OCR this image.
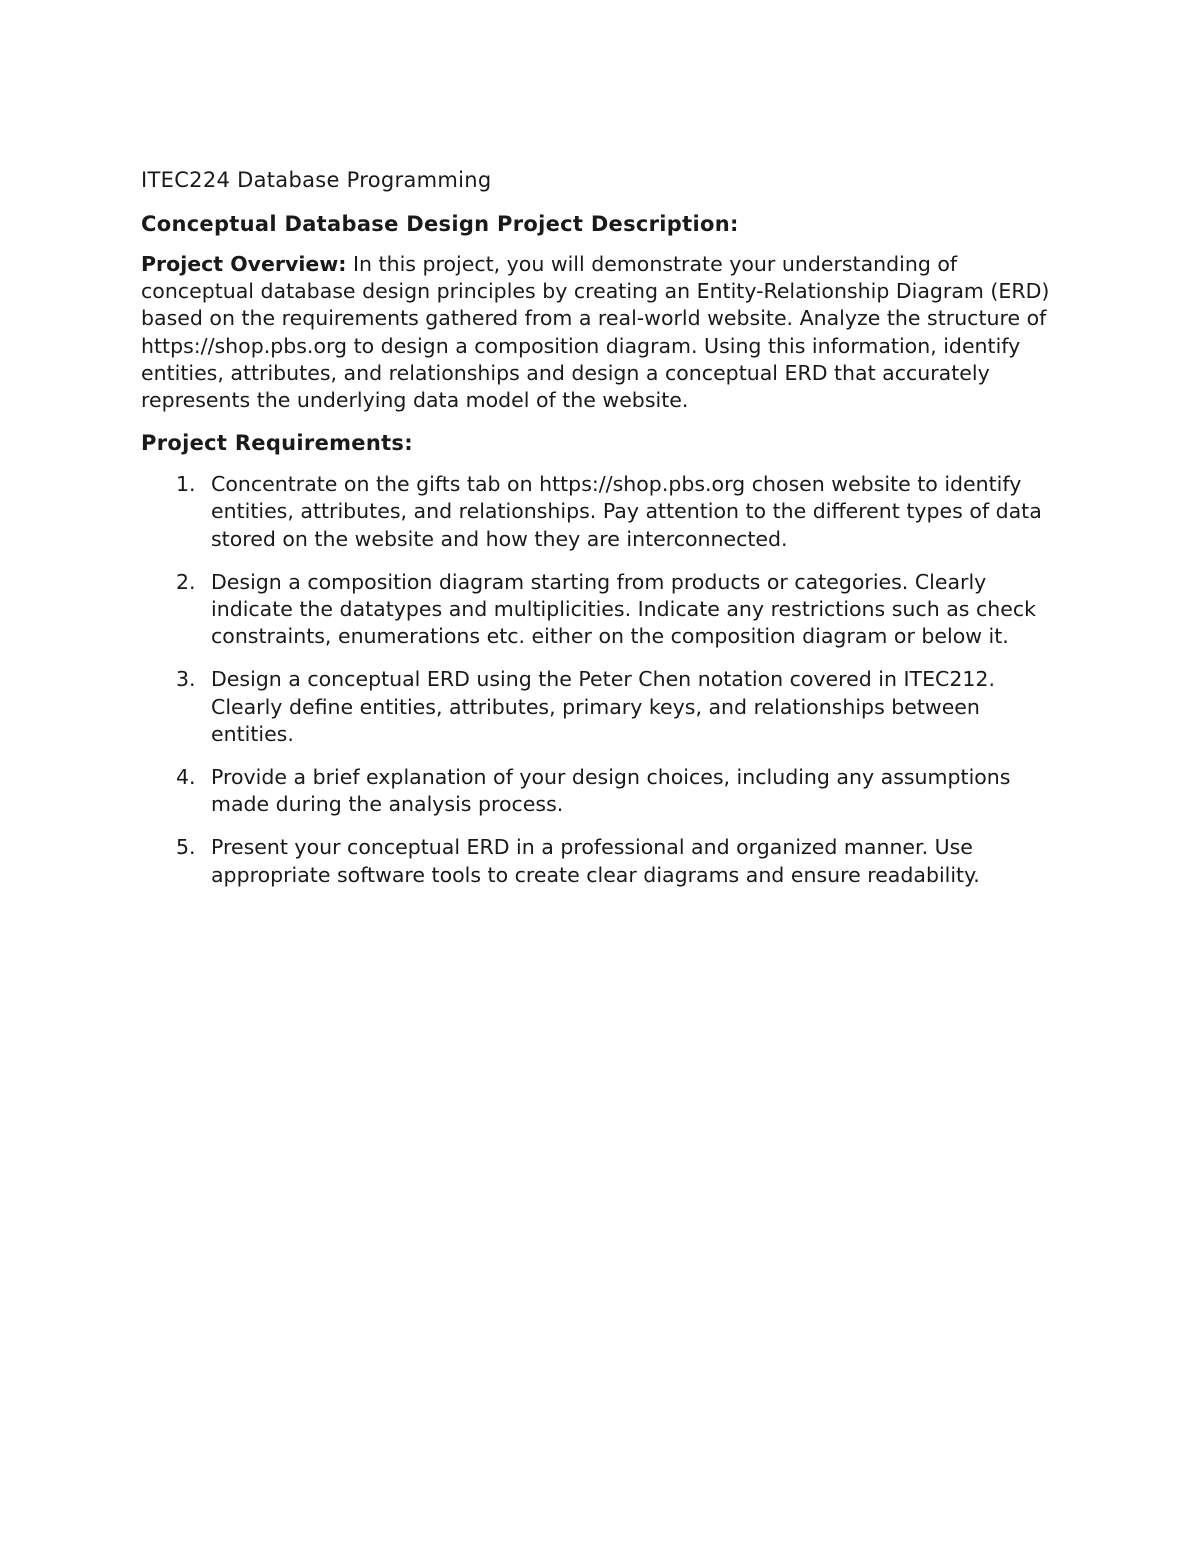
ITEC224 Database Programming
Conceptual Database Design Project Description:

Project Overview: In this project, you will demonstrate your understanding of conceptual database design principles by creating an Entity-Relationship Diagram (ERD) based on the requirements gathered from a real-world website. Analyze the structure of https://shop.pbs.org to design a composition diagram. Using this information, identify entities, attributes, and relationships and design a conceptual ERD that accurately represents the underlying data model of the website.

Project Requirements:
1. Concentrate on the gifts tab on https://shop.pbs.org chosen website to identify entities, attributes, and relationships. Pay attention to the different types of data stored on the website and how they are interconnected.
2. Design a composition diagram starting from products or categories. Clearly indicate the datatypes and multiplicities. Indicate any restrictions such as check constraints, enumerations etc. either on the composition diagram or below it.
3. Design a conceptual ERD using the Peter Chen notation covered in ITEC212. Clearly define entities, attributes, primary keys, and relationships between entities.
4. Provide a brief explanation of your design choices, including any assumptions made during the analysis process.
5. Present your conceptual ERD in a professional and organized manner. Use appropriate software tools to create clear diagrams and ensure readability.
